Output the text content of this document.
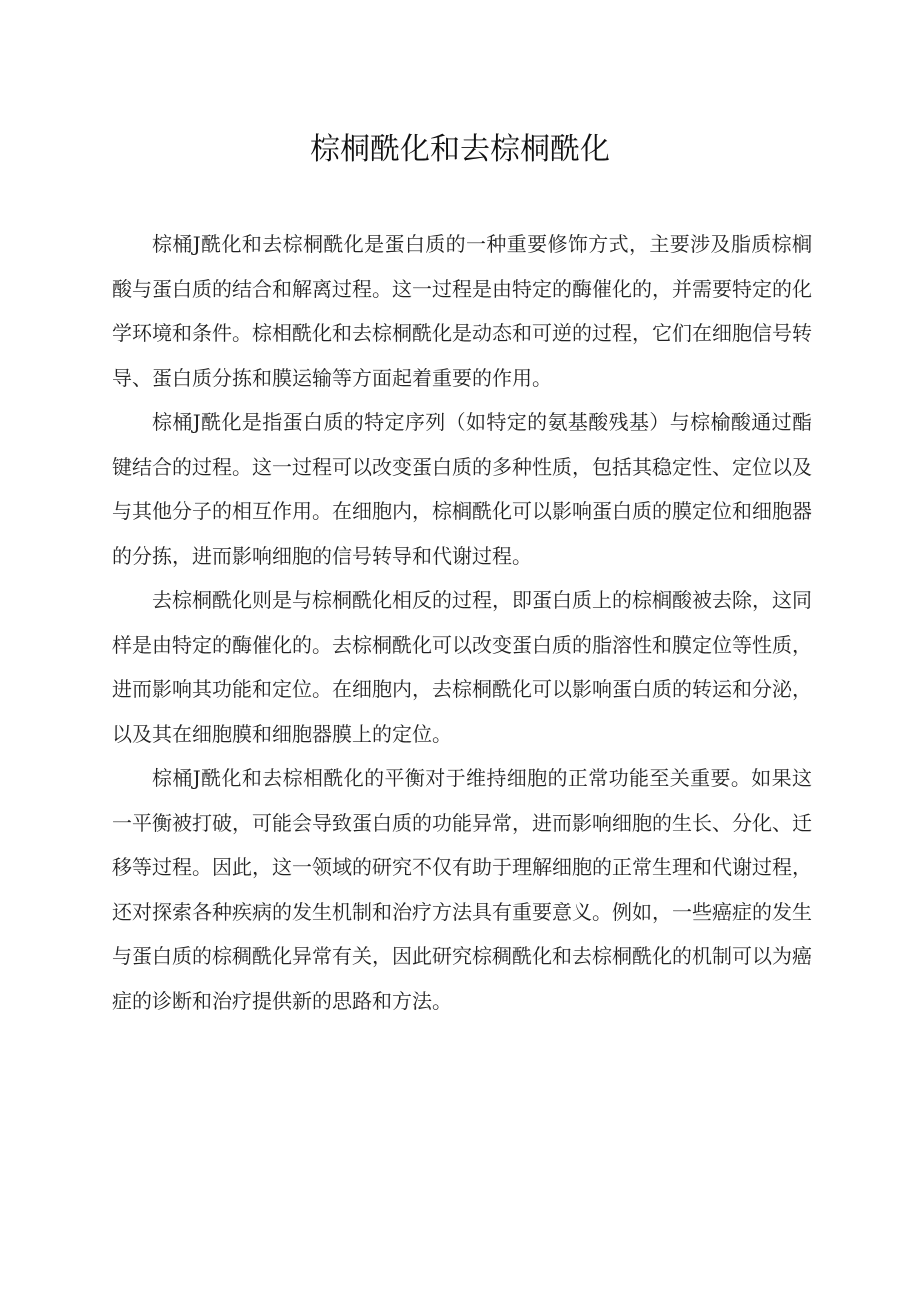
棕桐酰化和去棕桐酰化

棕桶J酰化和去棕桐酰化是蛋白质的一种重要修饰方式，主要涉及脂质棕榈酸与蛋白质的结合和解离过程。这一过程是由特定的酶催化的，并需要特定的化学环境和条件。棕相酰化和去棕桐酰化是动态和可逆的过程，它们在细胞信号转导、蛋白质分拣和膜运输等方面起着重要的作用。

棕桶J酰化是指蛋白质的特定序列（如特定的氨基酸残基）与棕榆酸通过酯键结合的过程。这一过程可以改变蛋白质的多种性质，包括其稳定性、定位以及与其他分子的相互作用。在细胞内，棕榈酰化可以影响蛋白质的膜定位和细胞器的分拣，进而影响细胞的信号转导和代谢过程。

去棕桐酰化则是与棕桐酰化相反的过程，即蛋白质上的棕榈酸被去除，这同样是由特定的酶催化的。去棕桐酰化可以改变蛋白质的脂溶性和膜定位等性质，进而影响其功能和定位。在细胞内，去棕桐酰化可以影响蛋白质的转运和分泌，以及其在细胞膜和细胞器膜上的定位。

棕桶J酰化和去棕相酰化的平衡对于维持细胞的正常功能至关重要。如果这一平衡被打破，可能会导致蛋白质的功能异常，进而影响细胞的生长、分化、迁移等过程。因此，这一领域的研究不仅有助于理解细胞的正常生理和代谢过程，还对探索各种疾病的发生机制和治疗方法具有重要意义。例如，一些癌症的发生与蛋白质的棕稠酰化异常有关，因此研究棕稠酰化和去棕桐酰化的机制可以为癌症的诊断和治疗提供新的思路和方法。
